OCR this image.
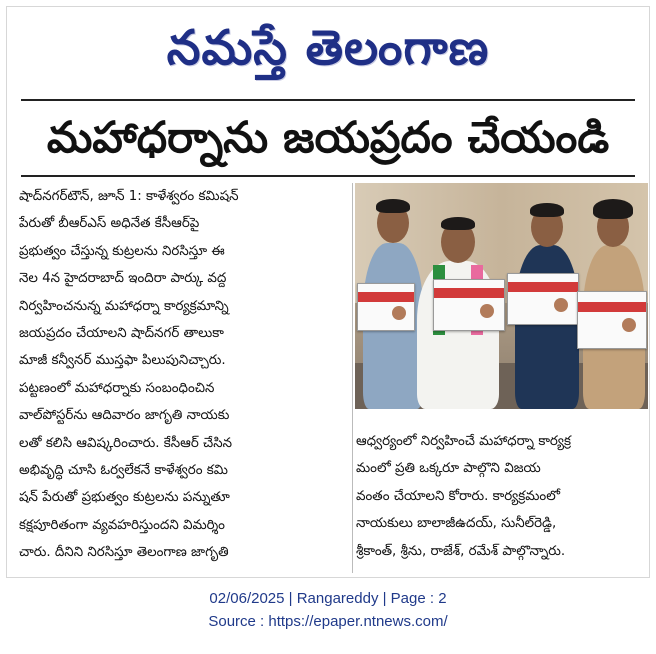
నమస్తే తెలంగాణ
మహాధర్నాను జయప్రదం చేయండి
షాద్‌నగర్‌టౌన్, జూన్ 1: కాళేశ్వరం కమిషన్
పేరుతో బీఆర్ఎస్ అధినేత కేసీఆర్‌పై
ప్రభుత్వం చేస్తున్న కుట్రలను నిరసిస్తూ ఈ
నెల 4న హైదరాబాద్ ఇందిరా పార్కు వద్ద
నిర్వహించనున్న మహాధర్నా కార్యక్రమాన్ని
జయప్రదం చేయాలని షాద్‌నగర్ తాలుకా
మాజీ కన్వీనర్ ముస్తఫా పిలుపునిచ్చారు.
పట్టణంలో మహాధర్నాకు సంబంధించిన
వాల్‌పోస్టర్‌ను ఆదివారం జాగృతి నాయకు
లతో కలిసి ఆవిష్కరించారు. కేసీఆర్ చేసిన
అభివృద్ధి చూసి ఓర్వలేకనే కాళేశ్వరం కమి
షన్ పేరుతో ప్రభుత్వం కుట్రలను పన్నుతూ
కక్షపూరితంగా వ్యవహరిస్తుందని విమర్శిం
చారు. దీనిని నిరసిస్తూ తెలంగాణ జాగృతి
ఆధ్వర్యంలో నిర్వహించే మహాధర్నా కార్యక్ర
మంలో ప్రతి ఒక్కరూ పాల్గొని విజయ
వంతం చేయాలని కోరారు. కార్యక్రమంలో
నాయకులు బాలాజీఉదయ్, సునీల్‌రెడ్డి,
శ్రీకాంత్, శ్రీను, రాజేశ్, రమేశ్ పాల్గొన్నారు.
02/06/2025 | Rangareddy | Page : 2
Source : https://epaper.ntnews.com/
